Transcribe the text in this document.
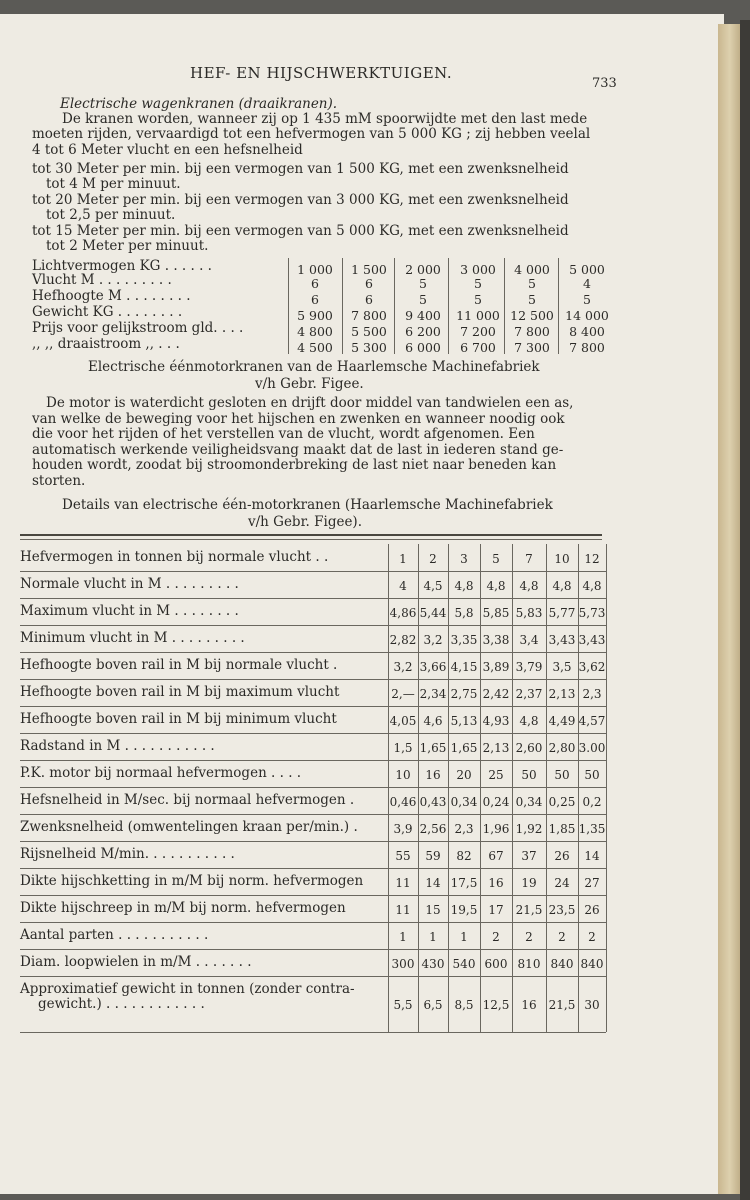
HEF- EN HIJSCHWERKTUIGEN.
733
Electrische wagenkranen (draaikranen).
De kranen worden, wanneer zij op 1 435 mM spoorwijdte met den last mede
moeten rijden, vervaardigd tot een hefvermogen van 5 000 KG ; zij hebben veelal
4 tot 6 Meter vlucht en een hefsnelheid
tot 30 Meter per min. bij een vermogen van 1 500 KG, met een zwenksnelheid
tot 4 M per minuut.
tot 20 Meter per min. bij een vermogen van 3 000 KG, met een zwenksnelheid
tot 2,5 per minuut.
tot 15 Meter per min. bij een vermogen van 5 000 KG, met een zwenksnelheid
tot 2 Meter per minuut.
Lichtvermogen KG . . . . . .	1 000	1 500	2 000	3 000	4 000	5 000
Vlucht M . . . . . . . . .	6	6	5	5	5	4
Hefhoogte M . . . . . . . .	6	6	5	5	5	5
Gewicht KG . . . . . . . .	5 900	7 800	9 400	11 000 12 500 14 000
Prijs voor gelijkstroom gld. . . .	4 800	5 500	6 200	7 200	7 800	8 400
,, ,, draaistroom ,, . . .	4 500	5 300	6 000	6 700	7 300	7 800
Electrische éénmotorkranen van de Haarlemsche Machinefabriek
v/h Gebr. Figee.
De motor is waterdicht gesloten en drijft door middel van tandwielen een as,
van welke de beweging voor het hijschen en zwenken en wanneer noodig ook
die voor het rijden of het verstellen van de vlucht, wordt afgenomen. Een
automatisch werkende veiligheidsvang maakt dat de last in iederen stand ge-
houden wordt, zoodat bij stroomonderbreking de last niet naar beneden kan
storten.
Details van electrische één-motorkranen (Haarlemsche Machinefabriek
v/h Gebr. Figee).
Hefvermogen in tonnen bij normale vlucht . .	1	2	3	5	7	10	12
Normale vlucht in M . . . . . . . . .	4	4,5 4,8	4,8	4,8	4,8 4,8
Maximum vlucht in M . . . . . . . .	4,86 5,44 5,8 5,85 5,83 5,77 5,73
Minimum vlucht in M . . . . . . . . .	2,82 3,2 3,35 3,38 3,4 3,43 3,43
Hefhoogte boven rail in M bij normale vlucht .	3,2 3,66 4,15 3,89 3,79 3,5 3,62
Hefhoogte boven rail in M bij maximum vlucht	2,— 2,34 2,75 2,42 2,37 2,13 2,3
Hefhoogte boven rail in M bij minimum vlucht	4,05 4,6 5,13 4,93 4,8 4,49 4,57
Radstand in M . . . . . . . . . . .	1,5 1,65 1,65 2,13 2,60 2,80 3.00
P.K. motor bij normaal hefvermogen . . . .	10	16	20	25	50	50	50
Hefsnelheid in M/sec. bij normaal hefvermogen .	0,46 0,43 0,34 0,24 0,34 0,25 0,2
Zwenksnelheid (omwentelingen kraan per/min.) .	3,9 2,56 2,3 1,96 1,92 1,85 1,35
Rijsnelheid M/min. . . . . . . . . . .	55	59	82	67	37	26	14
Dikte hijschketting in m/M bij norm. hefvermogen	11	14 17,5 16	19	24	27
Dikte hijschreep in m/M bij norm. hefvermogen	11	15 19,5 17	21,5 23,5 26
Aantal parten . . . . . . . . . . .	1	1	1	2	2	2	2
Diam. loopwielen in m/M . . . . . . .	300 430 540 600 810 840 840
Approximatief gewicht in tonnen (zonder contra-
gewicht.) . . . . . . . . . . . .	5,5 6,5 8,5 12,5	16	21,5 30
